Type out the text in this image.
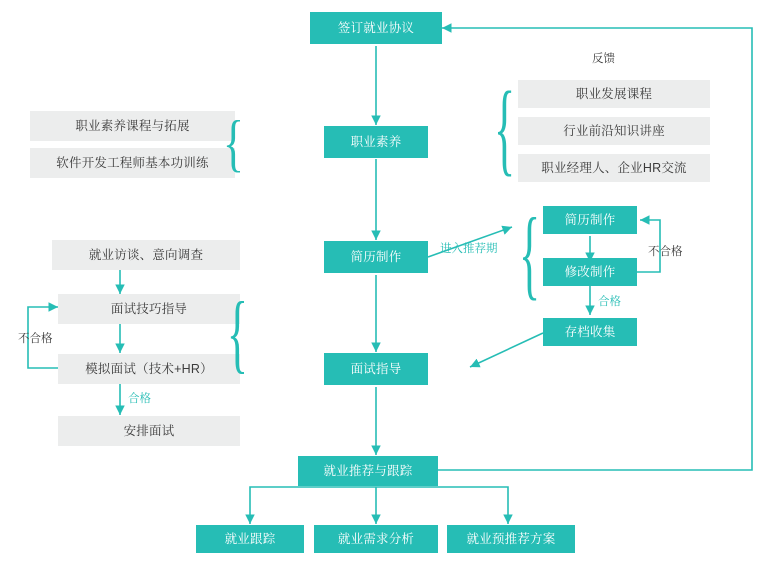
签订就业协议
职业素养
简历制作
面试指导
就业推荐与跟踪
职业素养课程与拓展
软件开发工程师基本功训练 }
反馈
职业发展课程
行业前沿知识讲座
职业经理人、企业HR交流
{
进入推荐期
简历制作
修改制作
存档收集
{	不合格
合格
就业访谈、意向调查
面试技巧指导
模拟面试（技术+HR）
安排面试
}
不合格
合格
就业跟踪	就业需求分析	就业预推荐方案
